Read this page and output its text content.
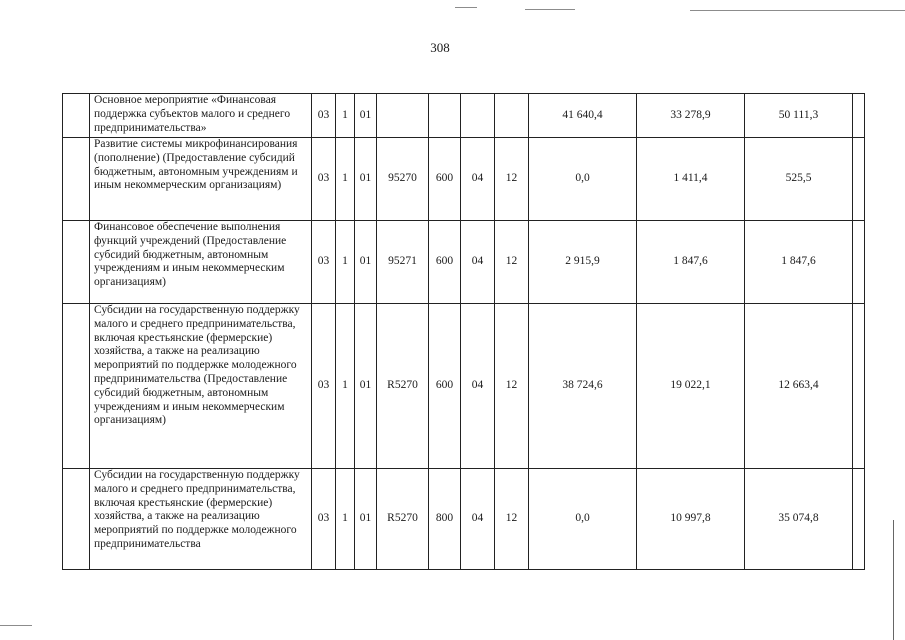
308
	Основное мероприятие «Финансовая поддержка субъектов малого и среднего предпринимательства»	03	1	01					41 640,4	33 278,9	50 111,3	
	Развитие системы микрофинансирования (пополнение) (Предоставление субсидий бюджетным, автономным учреждениям и иным некоммерческим организациям)	03	1	01	95270	600	04	12	0,0	1 411,4	525,5	
	Финансовое обеспечение выполнения функций учреждений (Предоставление субсидий бюджетным, автономным учреждениям и иным некоммерческим организациям)	03	1	01	95271	600	04	12	2 915,9	1 847,6	1 847,6	
	Субсидии на государственную поддержку малого и среднего предпринимательства, включая крестьянские (фермерские) хозяйства, а также на реализацию мероприятий по поддержке молодежного предпринимательства (Предоставление субсидий бюджетным, автономным учреждениям и иным некоммерческим организациям)	03	1	01	R5270	600	04	12	38 724,6	19 022,1	12 663,4	
	Субсидии на государственную поддержку малого и среднего предпринимательства, включая крестьянские (фермерские) хозяйства, а также на реализацию мероприятий по поддержке молодежного предпринимательства	03	1	01	R5270	800	04	12	0,0	10 997,8	35 074,8	
